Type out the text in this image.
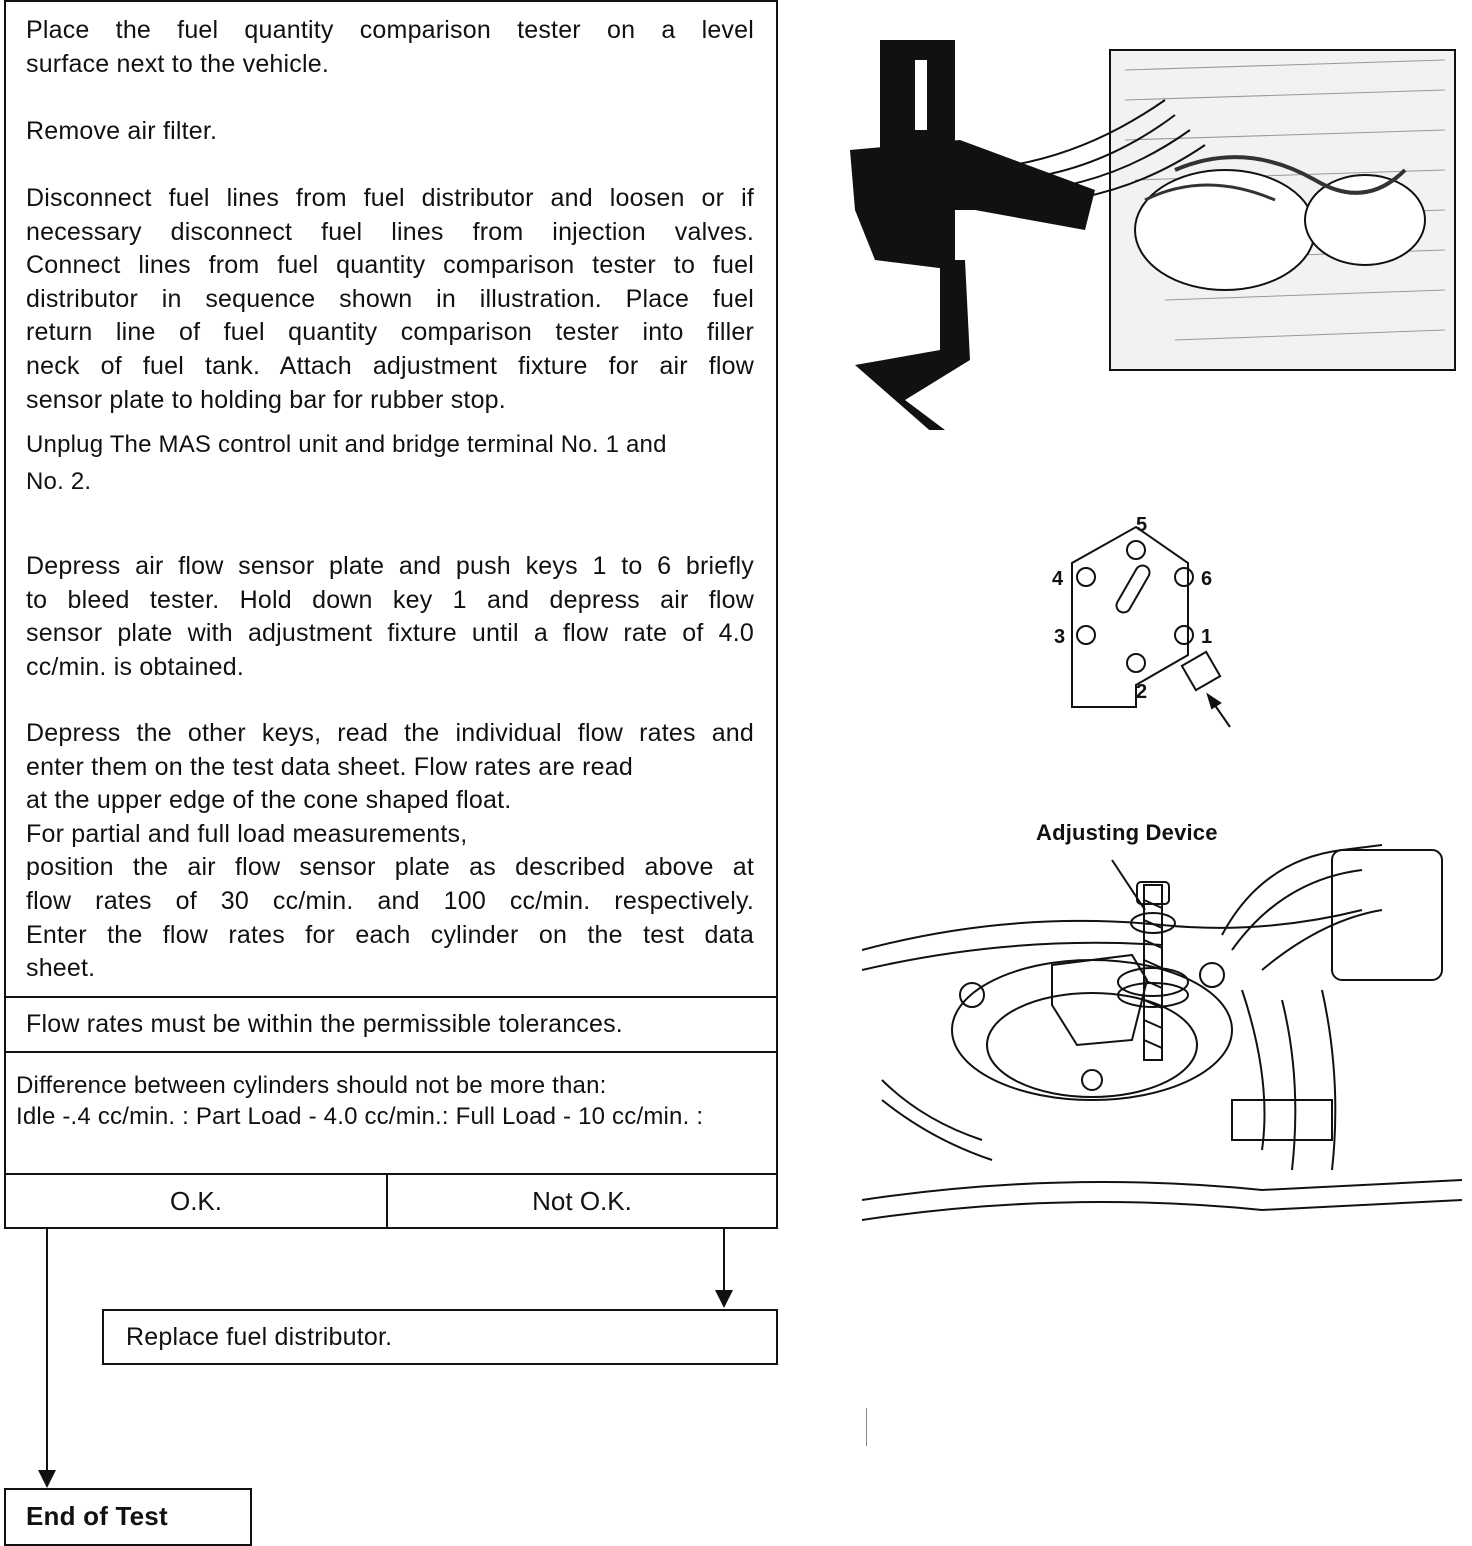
Place the fuel quantity comparison tester on a level
surface next to the vehicle.
Remove air filter.
Disconnect fuel lines from fuel distributor and loosen or if
necessary disconnect fuel lines from injection valves.
Connect lines from fuel quantity comparison tester to fuel
distributor in sequence shown in illustration. Place fuel
return line of fuel quantity comparison tester into filler
neck of fuel tank. Attach adjustment fixture for air flow
sensor plate to holding bar for rubber stop.
Unplug The MAS control unit and bridge terminal No. 1 and
No. 2.
Depress air flow sensor plate and push keys 1 to 6 briefly
to bleed tester. Hold down key 1 and depress air flow
sensor plate with adjustment fixture until a flow rate of 4.0
cc/min. is obtained.
Depress the other keys, read the individual flow rates and
enter them on the test data sheet. Flow rates are read
at the upper edge of the cone shaped float.
For partial and full load measurements,
position the air flow sensor plate as described above at
flow rates of 30 cc/min. and 100 cc/min. respectively.
Enter the flow rates for each cylinder on the test data
sheet.
Flow rates must be within the permissible tolerances.
Difference between cylinders should not be more than:
Idle -.4 cc/min. : Part Load - 4.0 cc/min.: Full Load - 10 cc/min. :
O.K.	Not O.K.
Replace fuel distributor.
End of Test
5
4	6
3	1
2
Adjusting Device
